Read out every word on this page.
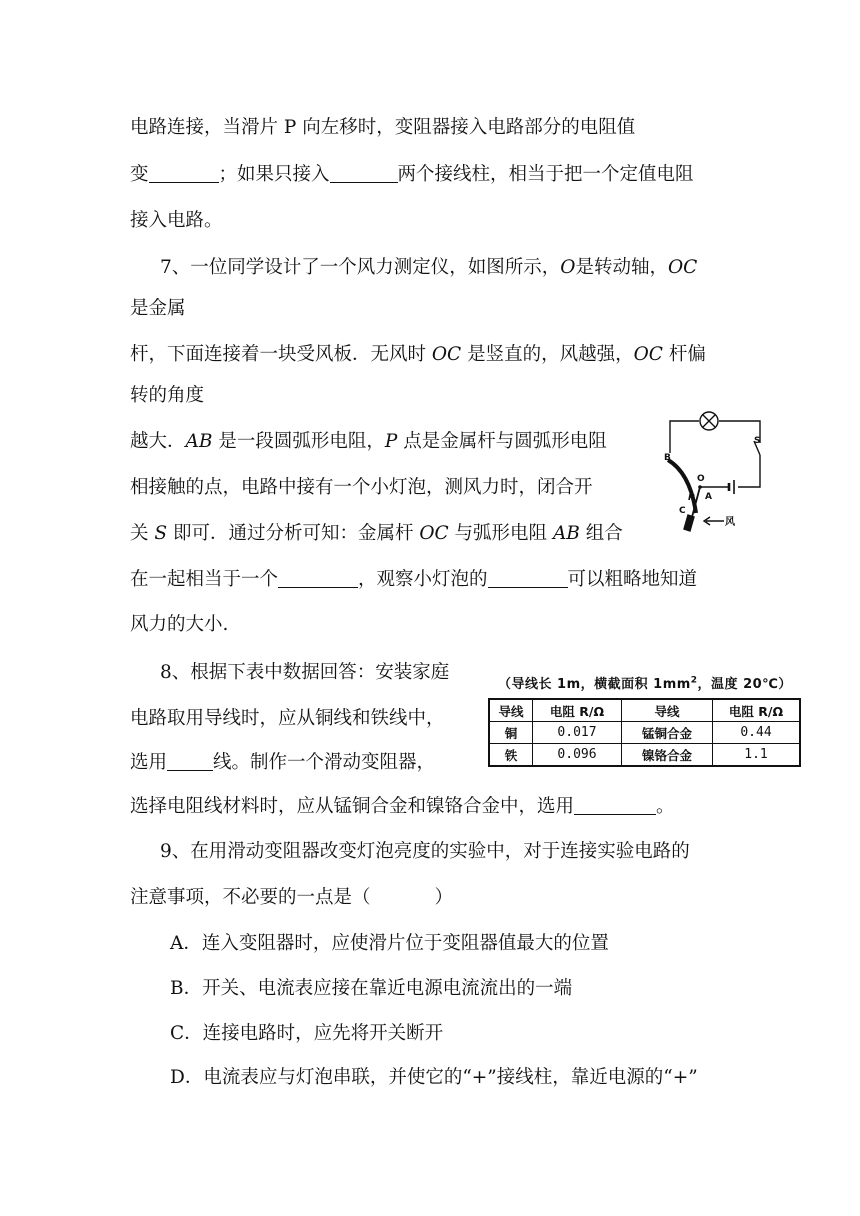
电路连接，当滑片 P 向左移时，变阻器接入电路部分的电阻值
变	；如果只接入	两个接线柱，相当于把一个定值电阻
接入电路。
7、一位同学设计了一个风力测定仪，如图所示，O是转动轴，OC
是金属
杆，下面连接着一块受风板．无风时 OC 是竖直的，风越强，OC 杆偏
转的角度
越大．AB 是一段圆弧形电阻，P 点是金属杆与圆弧形电阻
相接触的点，电路中接有一个小灯泡，测风力时，闭合开
关 S 即可．通过分析可知：金属杆 OC 与弧形电阻 AB 组合
在一起相当于一个	，观察小灯泡的	可以粗略地知道
风力的大小.
S
B
O
P
C
A
风
8、根据下表中数据回答：安装家庭
电路取用导线时，应从铜线和铁线中，
选用 线。制作一个滑动变阻器，
选择电阻线材料时，应从锰铜合金和镍铬合金中，选用	。
（导线长 1m，横截面积 $1mm^2$，温度 20℃）
导线	电阻 R/Ω	导线	电阻 R/Ω
铜	0.017	锰铜合金	0.44
铁	0.096	镍铬合金	1.1
9、在用滑动变阻器改变灯泡亮度的实验中，对于连接实验电路的
注意事项，不必要的一点是（	）
A．连入变阻器时，应使滑片位于变阻器值最大的位置
B．开关、电流表应接在靠近电源电流流出的一端
C．连接电路时，应先将开关断开
D．电流表应与灯泡串联，并使它的“+”接线柱，靠近电源的“+”
